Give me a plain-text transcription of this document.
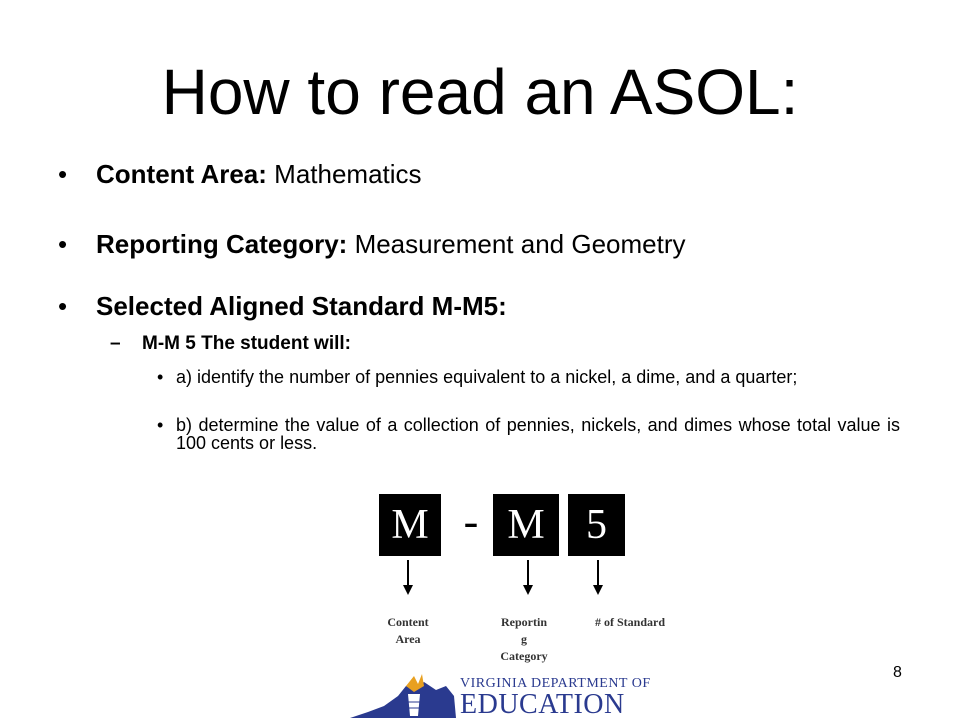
How to read an ASOL:
• Content Area: Mathematics
• Reporting Category: Measurement and Geometry
• Selected Aligned Standard M-M5:
– M-M 5 The student will:
• a) identify the number of pennies equivalent to a nickel, a dime, and a quarter;
• b) determine the value of a collection of pennies, nickels, and dimes whose total value is 100 cents or less.
M - M 5
Content
Area
Reportin
g
Category
# of Standard
8
VIRGINIA DEPARTMENT OF
EDUCATION
